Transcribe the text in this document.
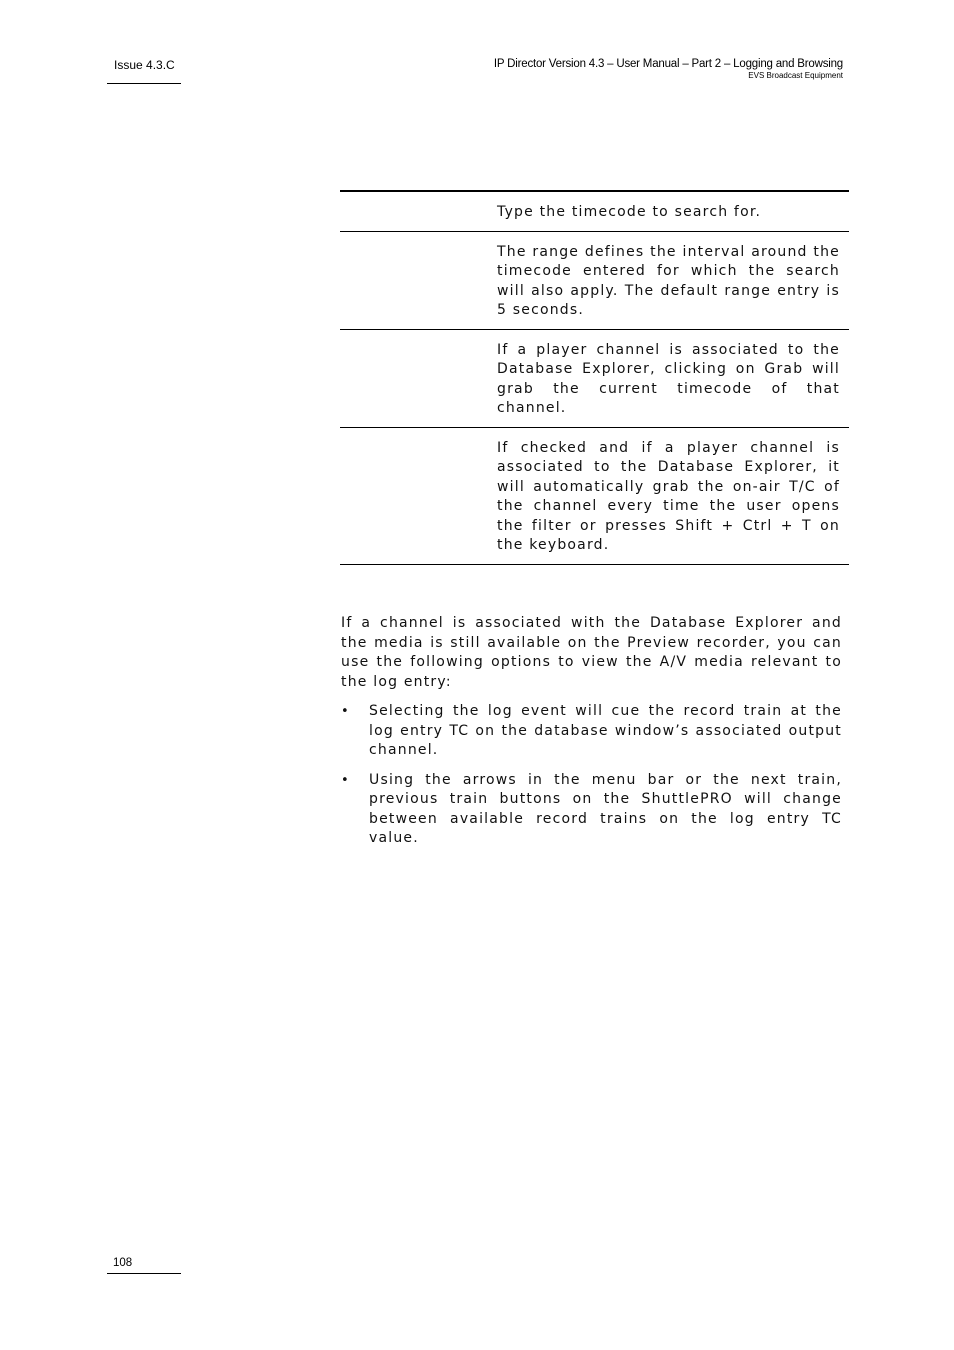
Issue 4.3.C	IP Director Version 4.3 – User Manual – Part 2 – Logging and Browsing
EVS Broadcast Equipment
Type the timecode to search for.
The range defines the interval around the timecode entered for which the search will also apply. The default range entry is 5 seconds.
If a player channel is associated to the Database Explorer, clicking on Grab will grab the current timecode of that channel.
If checked and if a player channel is associated to the Database Explorer, it will automatically grab the on-air T/C of the channel every time the user opens the filter or presses Shift + Ctrl + T on the keyboard.

If a channel is associated with the Database Explorer and the media is still available on the Preview recorder, you can use the following options to view the A/V media relevant to the log entry:

• Selecting the log event will cue the record train at the log entry TC on the database window’s associated output channel.
• Using the arrows in the menu bar or the next train, previous train buttons on the ShuttlePRO will change between available record trains on the log entry TC value.
108
